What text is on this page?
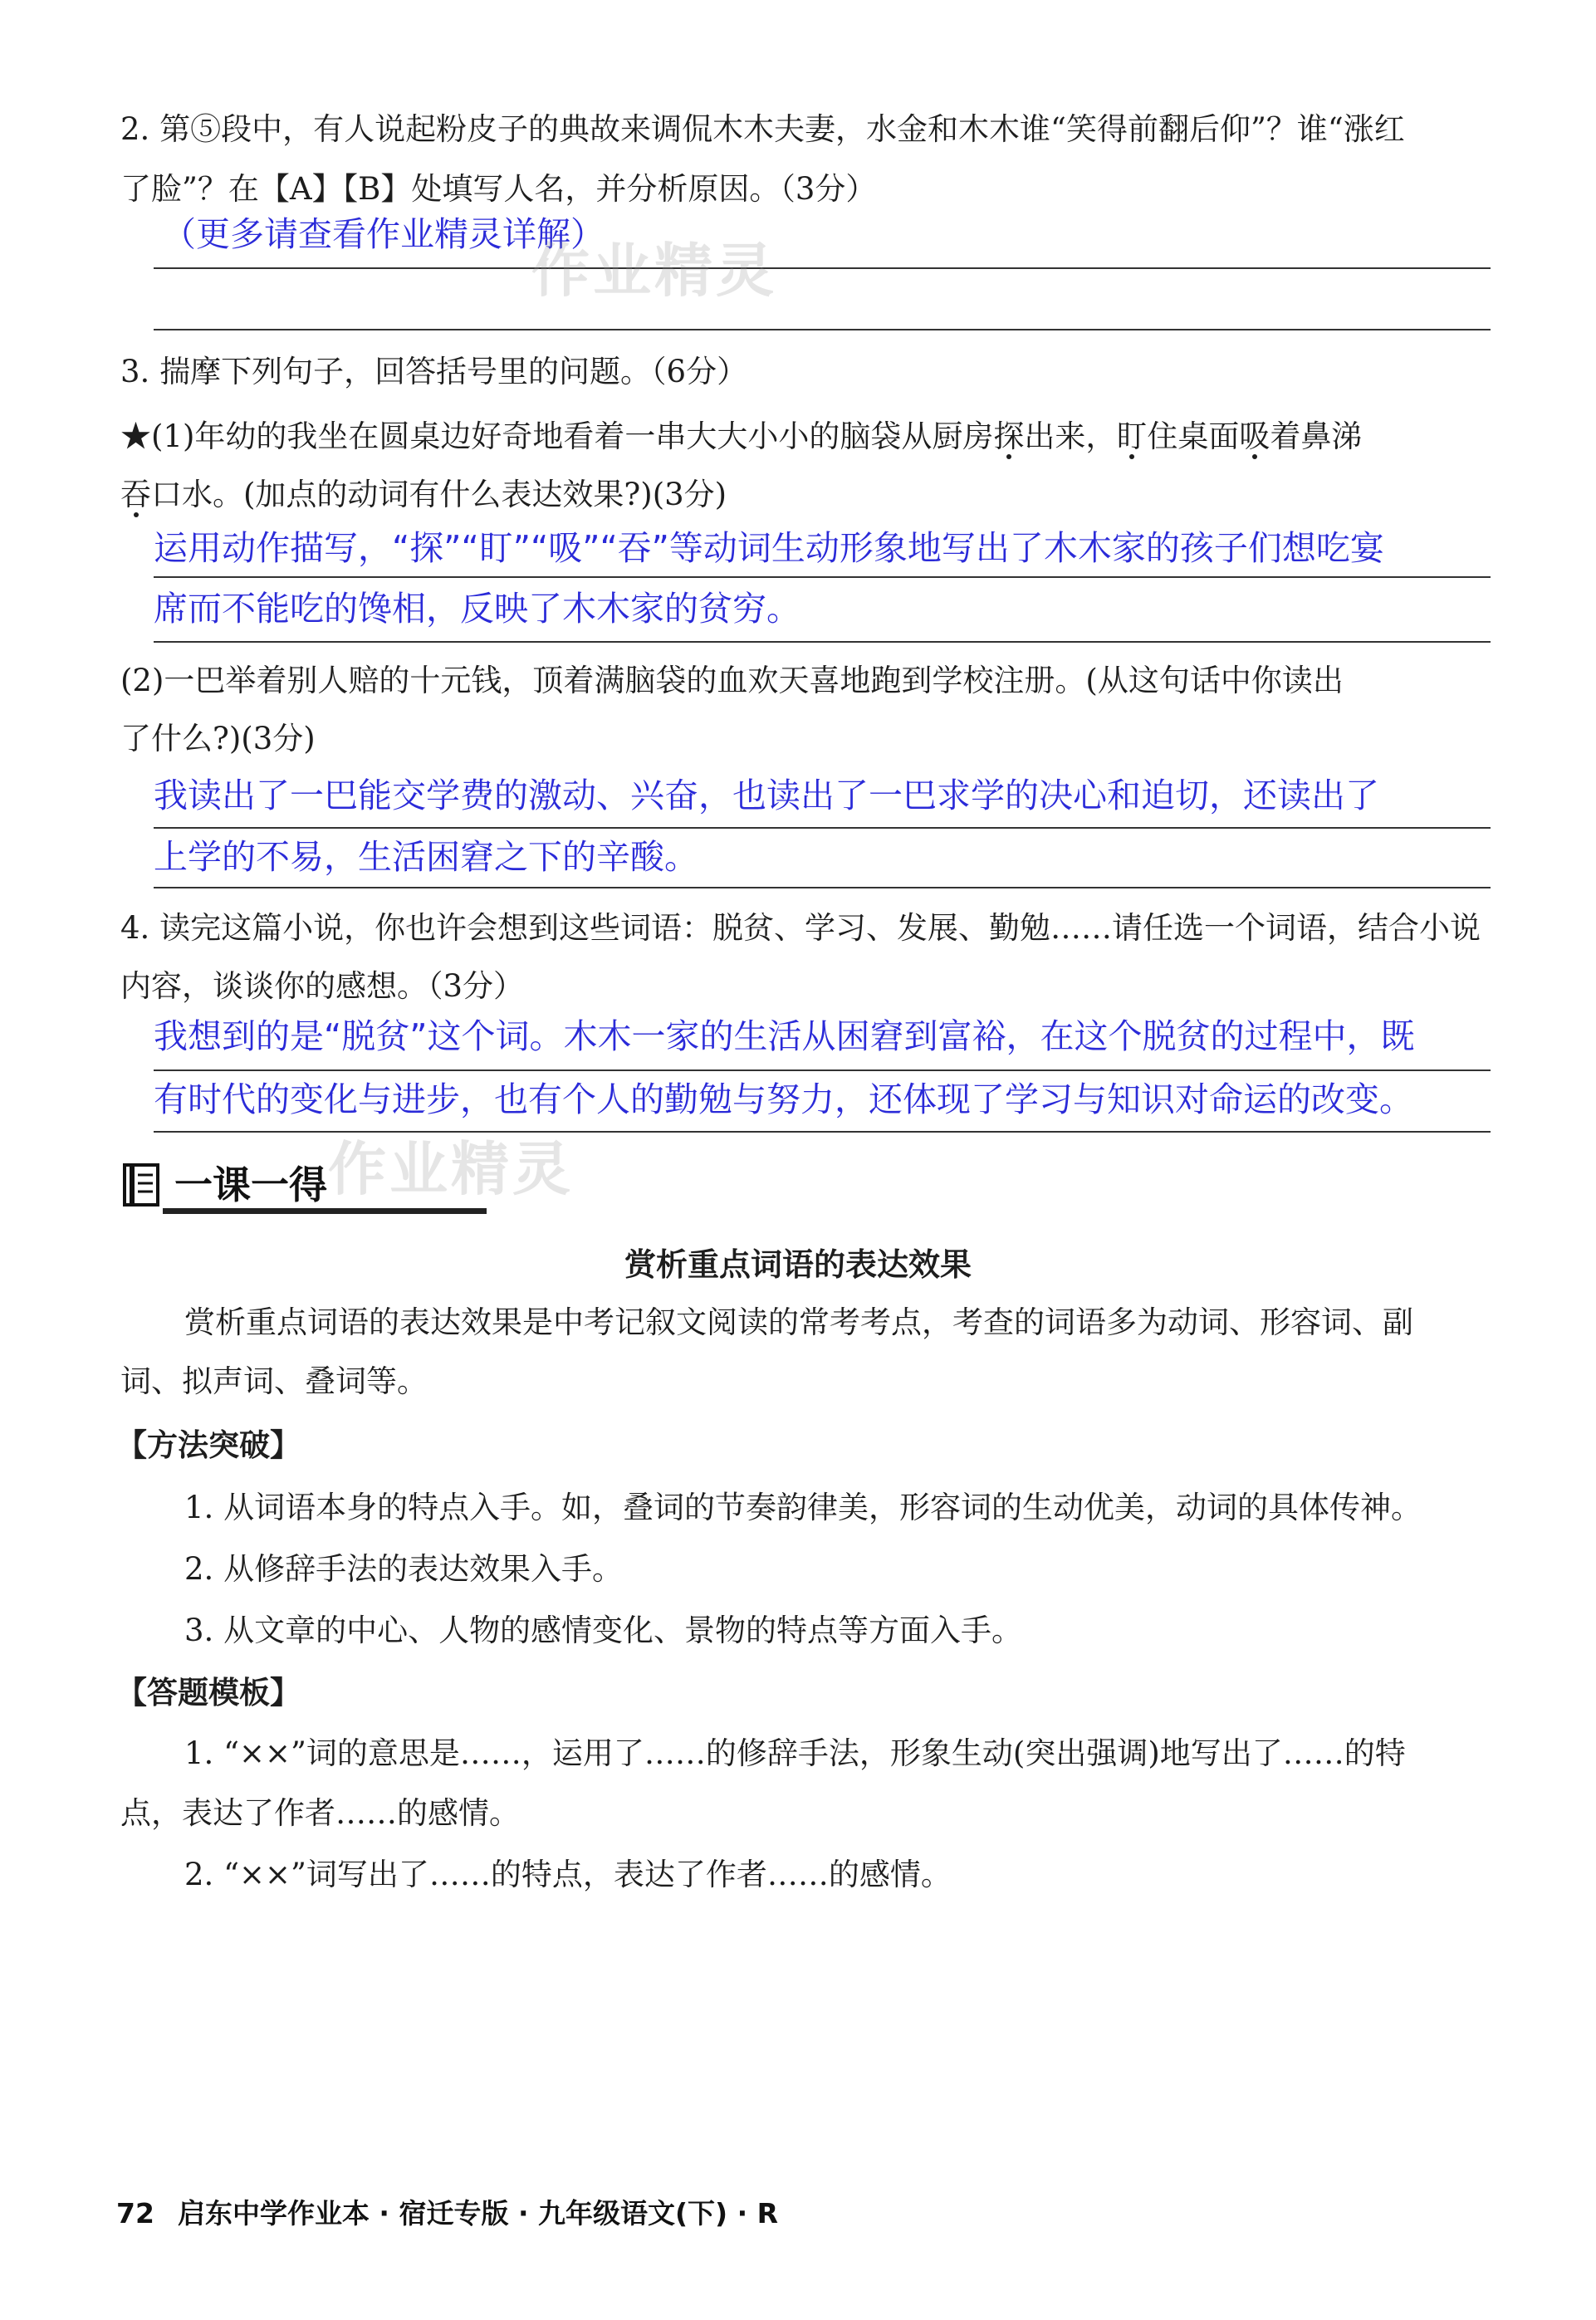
2. 第⑤段中，有人说起粉皮子的典故来调侃木木夫妻，水金和木木谁“笑得前翻后仰”？谁“涨红
了脸”？在【A】【B】处填写人名，并分析原因。（3分）
（更多请查看作业精灵详解）
作业精灵
3. 揣摩下列句子，回答括号里的问题。（6分）
★(1)年幼的我坐在圆桌边好奇地看着一串大大小小的脑袋从厨房探出来，盯住桌面吸着鼻涕
吞口水。(加点的动词有什么表达效果?)(3分)
运用动作描写，“探”“盯”“吸”“吞”等动词生动形象地写出了木木家的孩子们想吃宴
席而不能吃的馋相，反映了木木家的贫穷。
(2)一巴举着别人赔的十元钱，顶着满脑袋的血欢天喜地跑到学校注册。(从这句话中你读出
了什么?)(3分)
我读出了一巴能交学费的激动、兴奋，也读出了一巴求学的决心和迫切，还读出了
上学的不易，生活困窘之下的辛酸。
4. 读完这篇小说，你也许会想到这些词语：脱贫、学习、发展、勤勉……请任选一个词语，结合小说
内容，谈谈你的感想。（3分）
我想到的是“脱贫”这个词。木木一家的生活从困窘到富裕，在这个脱贫的过程中，既
有时代的变化与进步，也有个人的勤勉与努力，还体现了学习与知识对命运的改变。
作业精灵
一课一得
赏析重点词语的表达效果
赏析重点词语的表达效果是中考记叙文阅读的常考考点，考查的词语多为动词、形容词、副
词、拟声词、叠词等。
【方法突破】
1. 从词语本身的特点入手。如，叠词的节奏韵律美，形容词的生动优美，动词的具体传神。
2. 从修辞手法的表达效果入手。
3. 从文章的中心、人物的感情变化、景物的特点等方面入手。
【答题模板】
1. “××”词的意思是……，运用了……的修辞手法，形象生动(突出强调)地写出了……的特
点，表达了作者……的感情。
2. “××”词写出了……的特点，表达了作者……的感情。
72 启东中学作业本 · 宿迁专版 · 九年级语文(下) · R
